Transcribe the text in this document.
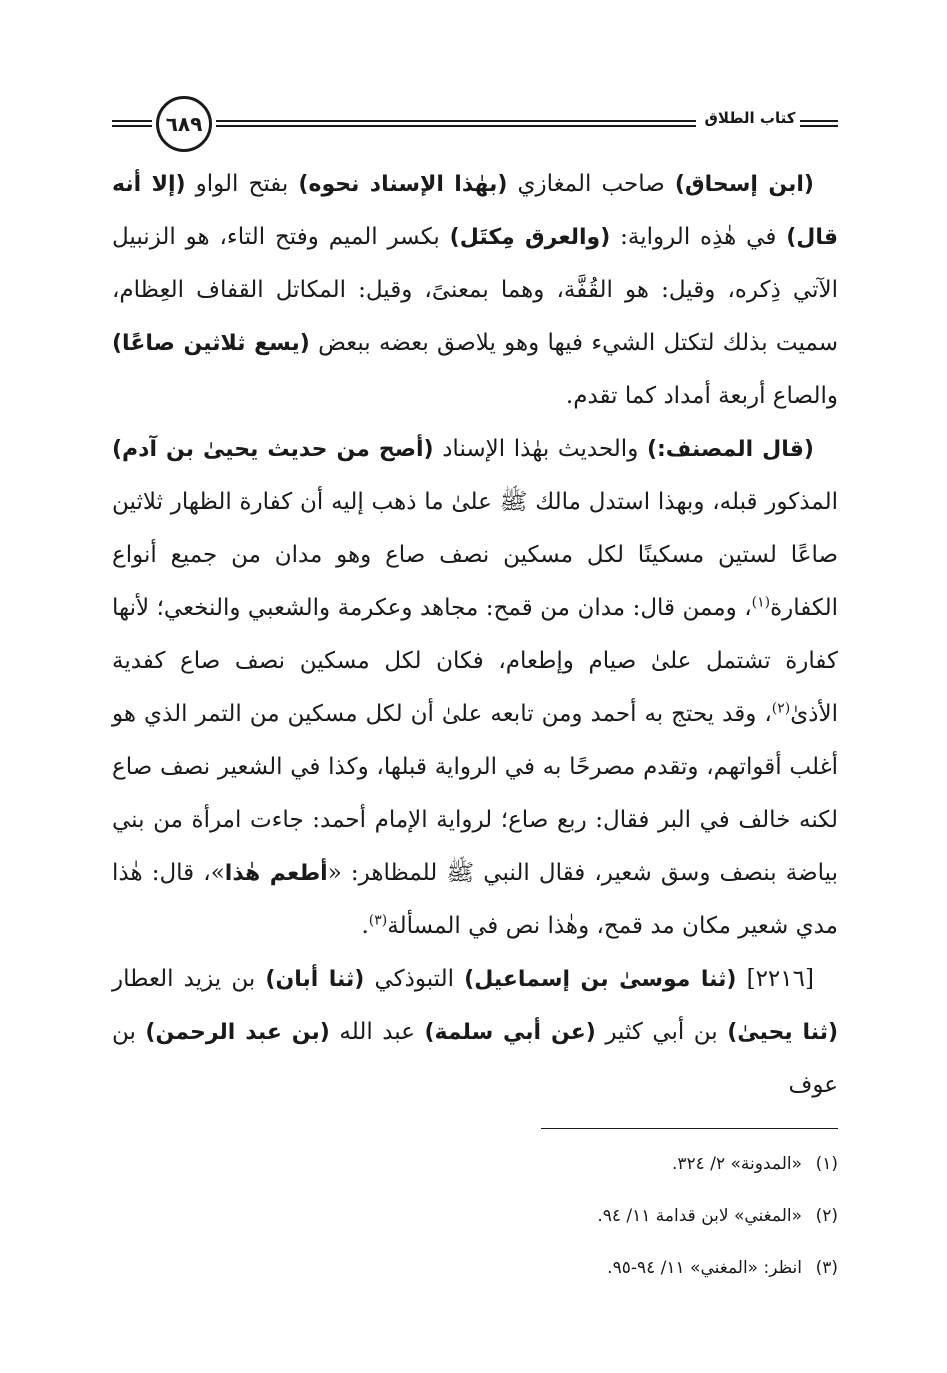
٦٨٩	كتاب الطلاق

(ابن إسحاق) صاحب المغازي (بهٰذا الإسناد نحوه) بفتح الواو (إلا أنه قال) في هٰذِه الرواية: (والعرق مِكتَل) بكسر الميم وفتح التاء، هو الزنبيل الآتي ذِكره، وقيل: هو القُفَّة، وهما بمعنىً، وقيل: المكاتل القفاف العِظام، سميت بذلك لتكتل الشيء فيها وهو يلاصق بعضه ببعض (يسع ثلاثين صاعًا) والصاع أربعة أمداد كما تقدم.

(قال المصنف:) والحديث بهٰذا الإسناد (أصح من حديث يحيىٰ بن آدم) المذكور قبله، وبهذا استدل مالك ﷺ علىٰ ما ذهب إليه أن كفارة الظهار ثلاثين صاعًا لستين مسكينًا لكل مسكين نصف صاع وهو مدان من جميع أنواع الكفارة$^{(١)}$، وممن قال: مدان من قمح: مجاهد وعكرمة والشعبي والنخعي؛ لأنها كفارة تشتمل علىٰ صيام وإطعام، فكان لكل مسكين نصف صاع كفدية الأذىٰ$^{(٢)}$، وقد يحتج به أحمد ومن تابعه علىٰ أن لكل مسكين من التمر الذي هو أغلب أقواتهم، وتقدم مصرحًا به في الرواية قبلها، وكذا في الشعير نصف صاع لكنه خالف في البر فقال: ربع صاع؛ لرواية الإمام أحمد: جاءت امرأة من بني بياضة بنصف وسق شعير، فقال النبي ﷺ للمظاهر: «أطعم هٰذا»، قال: هٰذا مدي شعير مكان مد قمح، وهٰذا نص في المسألة$^{(٣)}$.

[٢٢١٦] (ثنا موسىٰ بن إسماعيل) التبوذكي (ثنا أبان) بن يزيد العطار (ثنا يحيىٰ) بن أبي كثير (عن أبي سلمة) عبد الله (بن عبد الرحمن) بن عوف

(١)«المدونة» ٢/ ٣٢٤.
(٢)«المغني» لابن قدامة ١١/ ٩٤.
(٣)انظر: «المغني» ١١/ ٩٤-٩٥.
